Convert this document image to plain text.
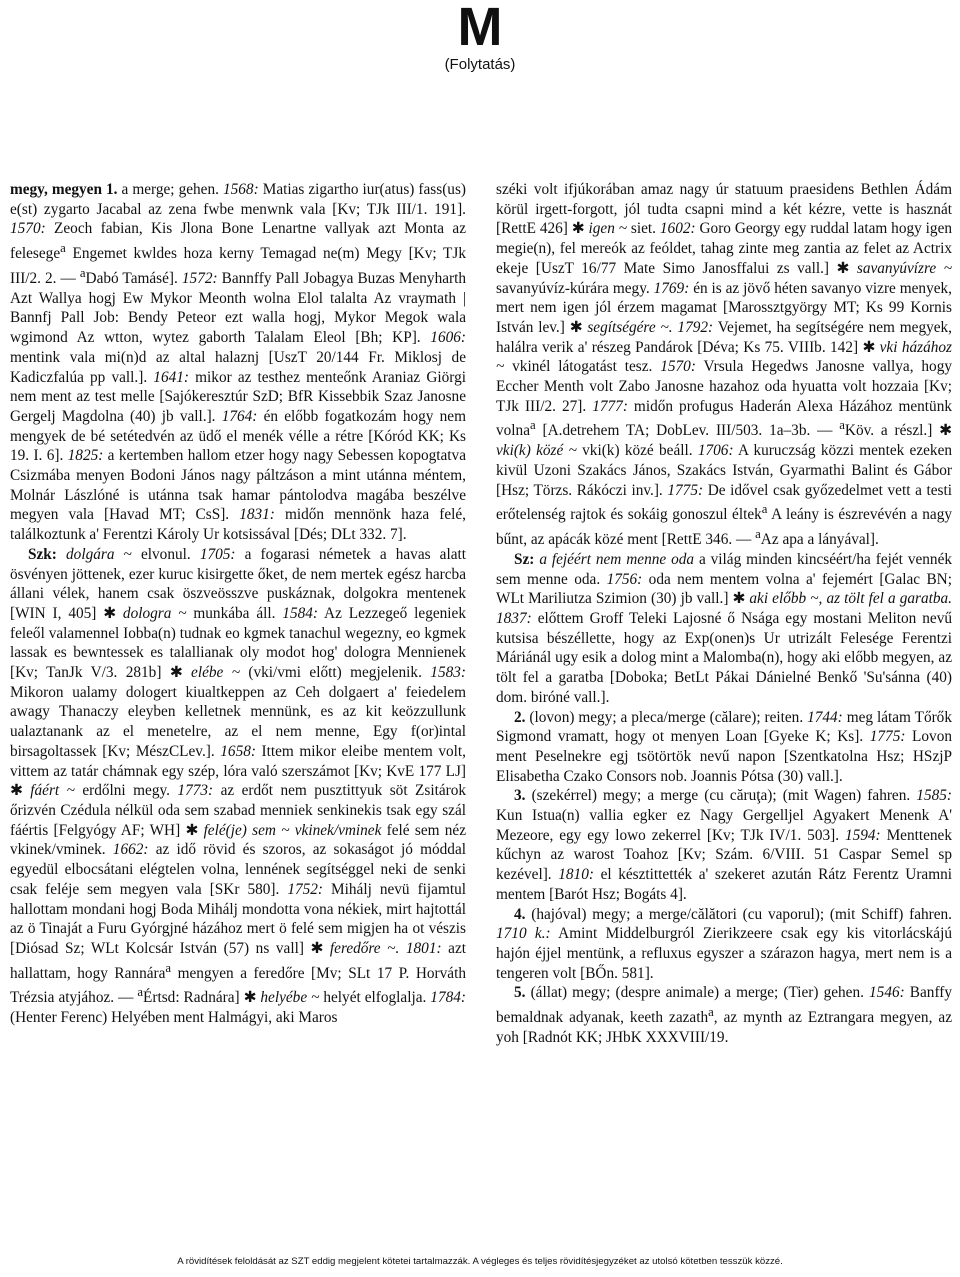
M
(Folytatás)

megy, megyen 1. a merge; gehen. 1568: Matias zigartho iur(atus) fass(us) e(st) zygarto Jacabal az zena fwbe menwnk vala [Kv; TJk III/1. 191]. 1570: Zeoch fabian, Kis Jlona Bone Lenartne vallyak azt Monta az felesege$^a$ Engemet kwldes hoza kerny Temagad ne(m) Megy [Kv; TJk III/2. 2. — $^a$Dabó Tamásé]. 1572: Bannffy Pall Jobagya Buzas Menyharth Azt Wallya hogj Ew Mykor Meonth wolna Elol talalta Az vraymath | Bannfj Pall Job: Bendy Peteor ezt walla hogj, Mykor Megok wala wgimond Az wtton, wytez gaborth Talalam Eleol [Bh; KP]. 1606: mentink vala mi(n)d az altal halaznj [UszT 20/144 Fr. Miklosj de Kadiczfalúa pp vall.]. 1641: mikor az testhez menteőnk Araniaz Giörgi nem ment az test melle [Sajókeresztúr SzD; BfR Kissebbik Szaz Janosne Gergelj Magdolna (40) jb vall.]. 1764: én előbb fogatkozám hogy nem mengyek de bé setétedvén az üdő el menék vélle a rétre [Kóród KK; Ks 19. I. 6]. 1825: a kertemben hallom etzer hogy nagy Sebessen kopogtatva Csizmába menyen Bodoni János nagy páltzáson a mint utánna méntem, Molnár Lászlóné is utánna tsak hamar pántolodva magába beszélve megyen vala [Havad MT; CsS]. 1831: midőn mennönk haza felé, találkoztunk a' Ferentzi Károly Ur kotsissával [Dés; DLt 332. 7].

Szk: dolgára ~ elvonul. 1705: a fogarasi németek a havas alatt ösvényen jöttenek, ezer kuruc kisirgette őket, de nem mertek egész harcba állani vélek, hanem csak öszveösszve puskáznak, dolgokra mentenek [WIN I, 405] ✱ dologra ~ munkába áll. 1584: Az Lezzegeő legeniek feleől valamennel Iobba(n) tudnak eo kgmek tanachul wegezny, eo kgmek lassak es bewntessek es talallianak oly modot hog' dologra Mennienek [Kv; TanJk V/3. 281b] ✱ elébe ~ (vki/vmi előtt) megjelenik. 1583: Mikoron ualamy dologert kiualtkeppen az Ceh dolgaert a' feiedelem awagy Thanaczy eleyben kelletnek mennünk, es az kit keözzullunk ualaztanank az el menetelre, az el nem menne, Egy f(or)intal birsagoltassek [Kv; MészCLev.]. 1658: Ittem mikor eleibe mentem volt, vittem az tatár chámnak egy szép, lóra való szerszámot [Kv; KvE 177 LJ] ✱ fáért ~ erdőlni megy. 1773: az erdőt nem pusztittyuk söt Zsitárok őrizvén Czédula nélkül oda sem szabad menniek senkinekis tsak egy szál fáértis [Felgyógy AF; WH] ✱ felé(je) sem ~ vkinek/vminek felé sem néz vkinek/vminek. 1662: az idő rövid és szoros, az sokaságot jó móddal egyedül elbocsátani elégtelen volna, lennének segítséggel neki de senki csak feléje sem megyen vala [SKr 580]. 1752: Mihálj nevü fijamtul hallottam mondani hogj Boda Mihálj mondotta vona nékiek, mirt hajtottál az ö Tinaját a Furu Gyórgjné házához mert ö felé sem migjen ha ot vészis [Diósad Sz; WLt Kolcsár István (57) ns vall] ✱ feredőre ~. 1801: azt hallattam, hogy Rannára$^a$ mengyen a feredőre [Mv; SLt 17 P. Horváth Trézsia atyjához. — $^a$Értsd: Radnára] ✱ helyébe ~ helyét elfoglalja. 1784: (Henter Ferenc) Helyében ment Halmágyi, aki Maros

széki volt ifjúkorában amaz nagy úr statuum praesidens Bethlen Ádám körül irgett-forgott, jól tudta csapni mind a két kézre, vette is hasznát [RettE 426] ✱ igen ~ siet. 1602: Goro Georgy egy ruddal latam hogy igen megie(n), fel mereók az feóldet, tahag zinte meg zantia az felet az Actrix ekeje [UszT 16/77 Mate Simo Janosffalui zs vall.] ✱ savanyúvízre ~ savanyúvíz-kúrára megy. 1769: én is az jövő héten savanyo vizre menyek, mert nem igen jól érzem magamat [Marossztgyörgy MT; Ks 99 Kornis István lev.] ✱ segítségére ~. 1792: Vejemet, ha segítségére nem megyek, halálra verik a' részeg Pandárok [Déva; Ks 75. VIIIb. 142] ✱ vki házához ~ vkinél látogatást tesz. 1570: Vrsula Hegedws Janosne vallya, hogy Eccher Menth volt Zabo Janosne hazahoz oda hyuatta volt hozzaia [Kv; TJk III/2. 27]. 1777: midőn profugus Haderán Alexa Házához mentünk volna$^a$ [A.detrehem TA; DobLev. III/503. 1a–3b. — $^a$Köv. a részl.] ✱ vki(k) közé ~ vki(k) közé beáll. 1706: A kuruczság közzi mentek ezeken kivül Uzoni Szakács János, Szakács István, Gyarmathi Balint és Gábor [Hsz; Törzs. Rákóczi inv.]. 1775: De idővel csak győzedelmet vett a testi erőtelenség rajtok és sokáig gonoszul éltek$^a$ A leány is észrevévén a nagy bűnt, az apácák közé ment [RettE 346. — $^a$Az apa a lányával].

Sz: a fejéért nem menne oda a világ minden kincséért/ha fejét vennék sem menne oda. 1756: oda nem mentem volna a' fejemért [Galac BN; WLt Mariliutza Szimion (30) jb vall.] ✱ aki előbb ~, az tölt fel a garatba. 1837: előttem Groff Teleki Lajosné ő Nsága egy mostani Meliton nevű kutsisa bészéllette, hogy az Exp(onen)s Ur utrizált Felesége Ferentzi Máriánál ugy esik a dolog mint a Malomba(n), hogy aki előbb megyen, az tölt fel a garatba [Doboka; BetLt Pákai Dánielné Benkő 'Su'sánna (40) dom. biróné vall.].

2. (lovon) megy; a pleca/merge (călare); reiten. 1744: meg látam Tőrők Sigmond vramatt, hogy ot menyen Loan [Gyeke K; Ks]. 1775: Lovon ment Peselnekre egj tsötörtök nevű napon [Szentkatolna Hsz; HSzjP Elisabetha Czako Consors nob. Joannis Pótsa (30) vall.].

3. (szekérrel) megy; a merge (cu căruţa); (mit Wagen) fahren. 1585: Kun Istua(n) vallia egker ez Nagy Gergelljel Agyakert Menenk A' Mezeore, egy egy lowo zekerrel [Kv; TJk IV/1. 503]. 1594: Menttenek kűchyn az warost Toahoz [Kv; Szám. 6/VIII. 51 Caspar Semel sp kezével]. 1810: el késztittették a' szekeret azután Rátz Ferentz Uramni mentem [Barót Hsz; Bogáts 4].

4. (hajóval) megy; a merge/călători (cu vaporul); (mit Schiff) fahren. 1710 k.: Amint Middelburgról Zierikzeere csak egy kis vitorlácskájú hajón éjjel mentünk, a refluxus egyszer a szárazon hagya, mert nem is a tengeren volt [BŐn. 581].

5. (állat) megy; (despre animale) a merge; (Tier) gehen. 1546: Banffy bemaldnak adyanak, keeth zazath$^a$, az mynth az Eztrangara megyen, az yoh [Radnót KK; JHbK XXXVIII/19.

A rövidítések feloldását az SZT eddig megjelent kötetei tartalmazzák. A végleges és teljes rövidítésjegyzéket az utolsó kötetben tesszük közzé.
